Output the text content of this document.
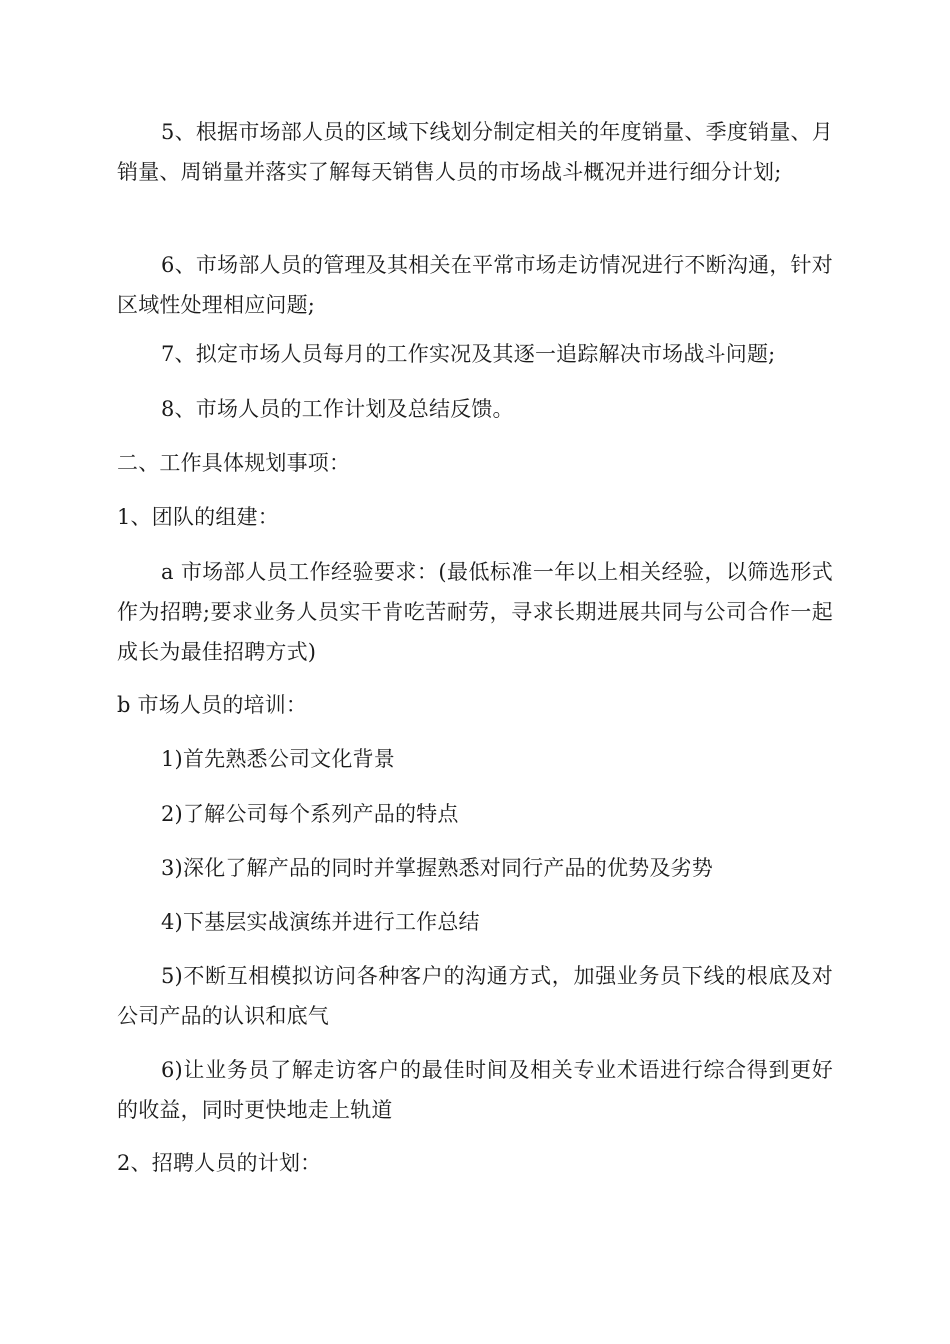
5、根据市场部人员的区域下线划分制定相关的年度销量、季度销量、月销量、周销量并落实了解每天销售人员的市场战斗概况并进行细分计划;

6、市场部人员的管理及其相关在平常市场走访情况进行不断沟通，针对区域性处理相应问题;

7、拟定市场人员每月的工作实况及其逐一追踪解决市场战斗问题;

8、市场人员的工作计划及总结反馈。

二、工作具体规划事项：

1、团队的组建：

a 市场部人员工作经验要求：(最低标准一年以上相关经验，以筛选形式作为招聘;要求业务人员实干肯吃苦耐劳，寻求长期进展共同与公司合作一起成长为最佳招聘方式)

b 市场人员的培训：

1)首先熟悉公司文化背景

2)了解公司每个系列产品的特点

3)深化了解产品的同时并掌握熟悉对同行产品的优势及劣势

4)下基层实战演练并进行工作总结

5)不断互相模拟访问各种客户的沟通方式，加强业务员下线的根底及对公司产品的认识和底气

6)让业务员了解走访客户的最佳时间及相关专业术语进行综合得到更好的收益，同时更快地走上轨道

2、招聘人员的计划：
